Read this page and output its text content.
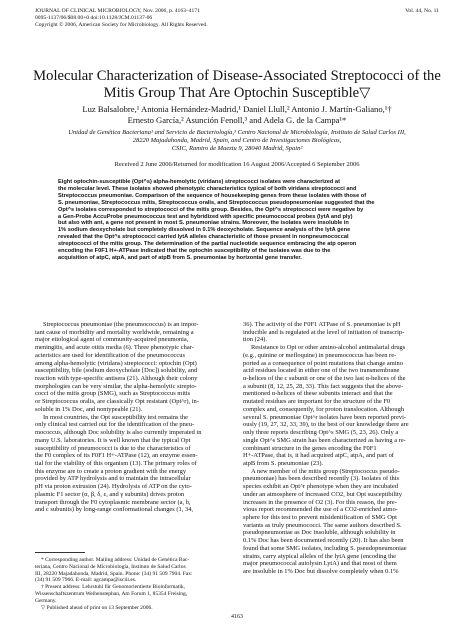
JOURNAL OF CLINICAL MICROBIOLOGY, Nov. 2006, p. 4163–4171
0095-1137/06/$08.00+0 doi:10.1128/JCM.01137-06
Copyright © 2006, American Society for Microbiology. All Rights Reserved.
Vol. 44, No. 11
Molecular Characterization of Disease-Associated Streptococci of the
Mitis Group That Are Optochin Susceptible▽
Luz Balsalobre,¹ Antonia Hernández-Madrid,¹ Daniel Llull,² Antonio J. Martín-Galiano,¹†
Ernesto García,² Asunción Fenoll,³ and Adela G. de la Campa¹*
Unidad de Genética Bacteriana¹ and Servicio de Bacteriología,³ Centro Nacional de Microbiología, Instituto de Salud Carlos III,
28220 Majadahonda, Madrid, Spain, and Centro de Investigaciones Biológicas,
CSIC, Ramiro de Maeztu 9, 28040 Madrid, Spain²
Received 2 June 2006/Returned for modification 16 August 2006/Accepted 6 September 2006
Eight optochin-susceptible (Opt^s) alpha-hemolytic (viridans) streptococci isolates were characterized at
the molecular level. These isolates showed phenotypic characteristics typical of both viridans streptococci and
Streptococcus pneumoniae. Comparison of the sequence of housekeeping genes from these isolates with those of
S. pneumoniae, Streptococcus mitis, Streptococcus oralis, and Streptococcus pseudopneumoniae suggested that the
Opt^s isolates corresponded to streptococci of the mitis group. Besides, the Opt^s streptococci were negative by
a Gen-Probe AccuProbe pneumococcus test and hybridized with specific pneumococcal probes (lytA and ply)
but also with ant, a gene not present in most S. pneumoniae strains. Moreover, the isolates were insoluble in
1% sodium deoxycholate but completely dissolved in 0.1% deoxycholate. Sequence analysis of the lytA gene
revealed that the Opt^s streptococci carried lytA alleles characteristic of those present in nonpneumococcal
streptococci of the mitis group. The determination of the partial nucleotide sequence embracing the atp operon
encoding the F0F1 H+-ATPase indicated that the optochin susceptibility of the isolates was due to the
acquisition of atpC, atpA, and part of atpB from S. pneumoniae by horizontal gene transfer.
Streptococcus pneumoniae (the pneumococcus) is an impor-
tant cause of morbidity and mortality worldwide, remaining a
major etiological agent of community-acquired pneumonia,
meningitis, and acute otitis media (6). Three phenotypic char-
acteristics are used for identification of the pneumococcus
among alpha-hemolytic (viridans) streptococci: optochin (Opt)
susceptibility, bile (sodium deoxycholate [Doc]) solubility, and
reaction with type-specific antisera (21). Although their colony
morphologies can be very similar, the alpha-hemolytic strepto-
cocci of the mitis group (SMG), such as Streptococcus mitis
or Streptococcus oralis, are classically Opt resistant (Opt^r), in-
soluble in 1% Doc, and nontypeable (21).
In most countries, the Opt susceptibility test remains the
only clinical test carried out for the identification of the pneu-
mococcus, although Doc solubility is also currently imperated in
many U.S. laboratories. It is well known that the typical Opt
susceptibility of pneumococci is due to the characteristics of
the F0 complex of its F0F1 H+-ATPase (12), an enzyme essen-
tial for the viability of this organism (13). The primary roles of
this enzyme are to create a proton gradient with the energy
provided by ATP hydrolysis and to maintain the intracellular
pH via proton extrusion (24). Hydrolysis of ATP on the cyto-
plasmic F1 sector (α, β, δ, ε, and γ subunits) drives proton
transport through the F0 cytoplasmic membrane sector (a, b,
and c subunits) by long-range conformational changes (1, 34,
36). The activity of the F0F1 ATPase of S. pneumoniae is pH
inducible and is regulated at the level of initiation of transcrip-
tion (24).
Resistance to Opt or other amino-alcohol antimalarial drugs
(e.g., quinine or mefloquine) in pneumococcus has been re-
ported as a consequence of point mutations that change amino
acid residues located in either one of the two transmembrane
α-helices of the c subunit or one of the two last α-helices of the
a subunit (8, 12, 25, 28, 33). This fact suggests that the above-
mentioned α-helices of these subunits interact and that the
mutated residues are important for the structure of the F0
complex and, consequently, for proton translocation. Although
several S. pneumoniae Opt^r isolates have been reported previ-
ously (19, 27, 32, 33, 39), to the best of our knowledge there are
only three reports describing Opt^s SMG (5, 23, 26). Only a
single Opt^s SMG strain has been characterized as having a re-
combinant structure in the genes encoding the F0F1
H+-ATPase, that is, it had acquired atpC, atpA, and part of
atpB from S. pneumoniae (23).
A new member of the mitis group (Streptococcus pseudo-
pneumoniae) has been described recently (3). Isolates of this
species exhibit an Opt^r phenotype when they are incubated
under an atmosphere of increased CO2, but Opt susceptibility
increases in the presence of O2 (3). For this reason, the pre-
vious report recommended the use of a CO2-enriched atmo-
sphere for this test to prevent misidentification of SMG Opt
variants as truly pneumococci. The same authors described S.
pseudopneumoniae as Doc insoluble, although solubility in
0.1% Doc has been documented recently (20). It has also been
found that some SMG isolates, including S. pseudopneumoniae
strains, carry atypical alleles of the lytA gene (encoding the
major pneumococcal autolysin LytA) and that most of them
are insoluble in 1% Doc but dissolve completely when 0.1%
* Corresponding author. Mailing address: Unidad de Genética Bac-
teriana, Centro Nacional de Microbiología, Instituto de Salud Carlos
III, 28220 Majadahonda, Madrid, Spain. Phone: (34) 91 509 7904. Fax:
(34) 91 509 7966. E-mail: agcampa@isciii.es.
† Present address: Lehrstuhl für Genomorientierte Bioinformatik,
Wissenschaftszentrum Weihenstephan, Am Forum 1, 85354 Freising,
Germany.
▽ Published ahead of print on 13 September 2006.
4163
